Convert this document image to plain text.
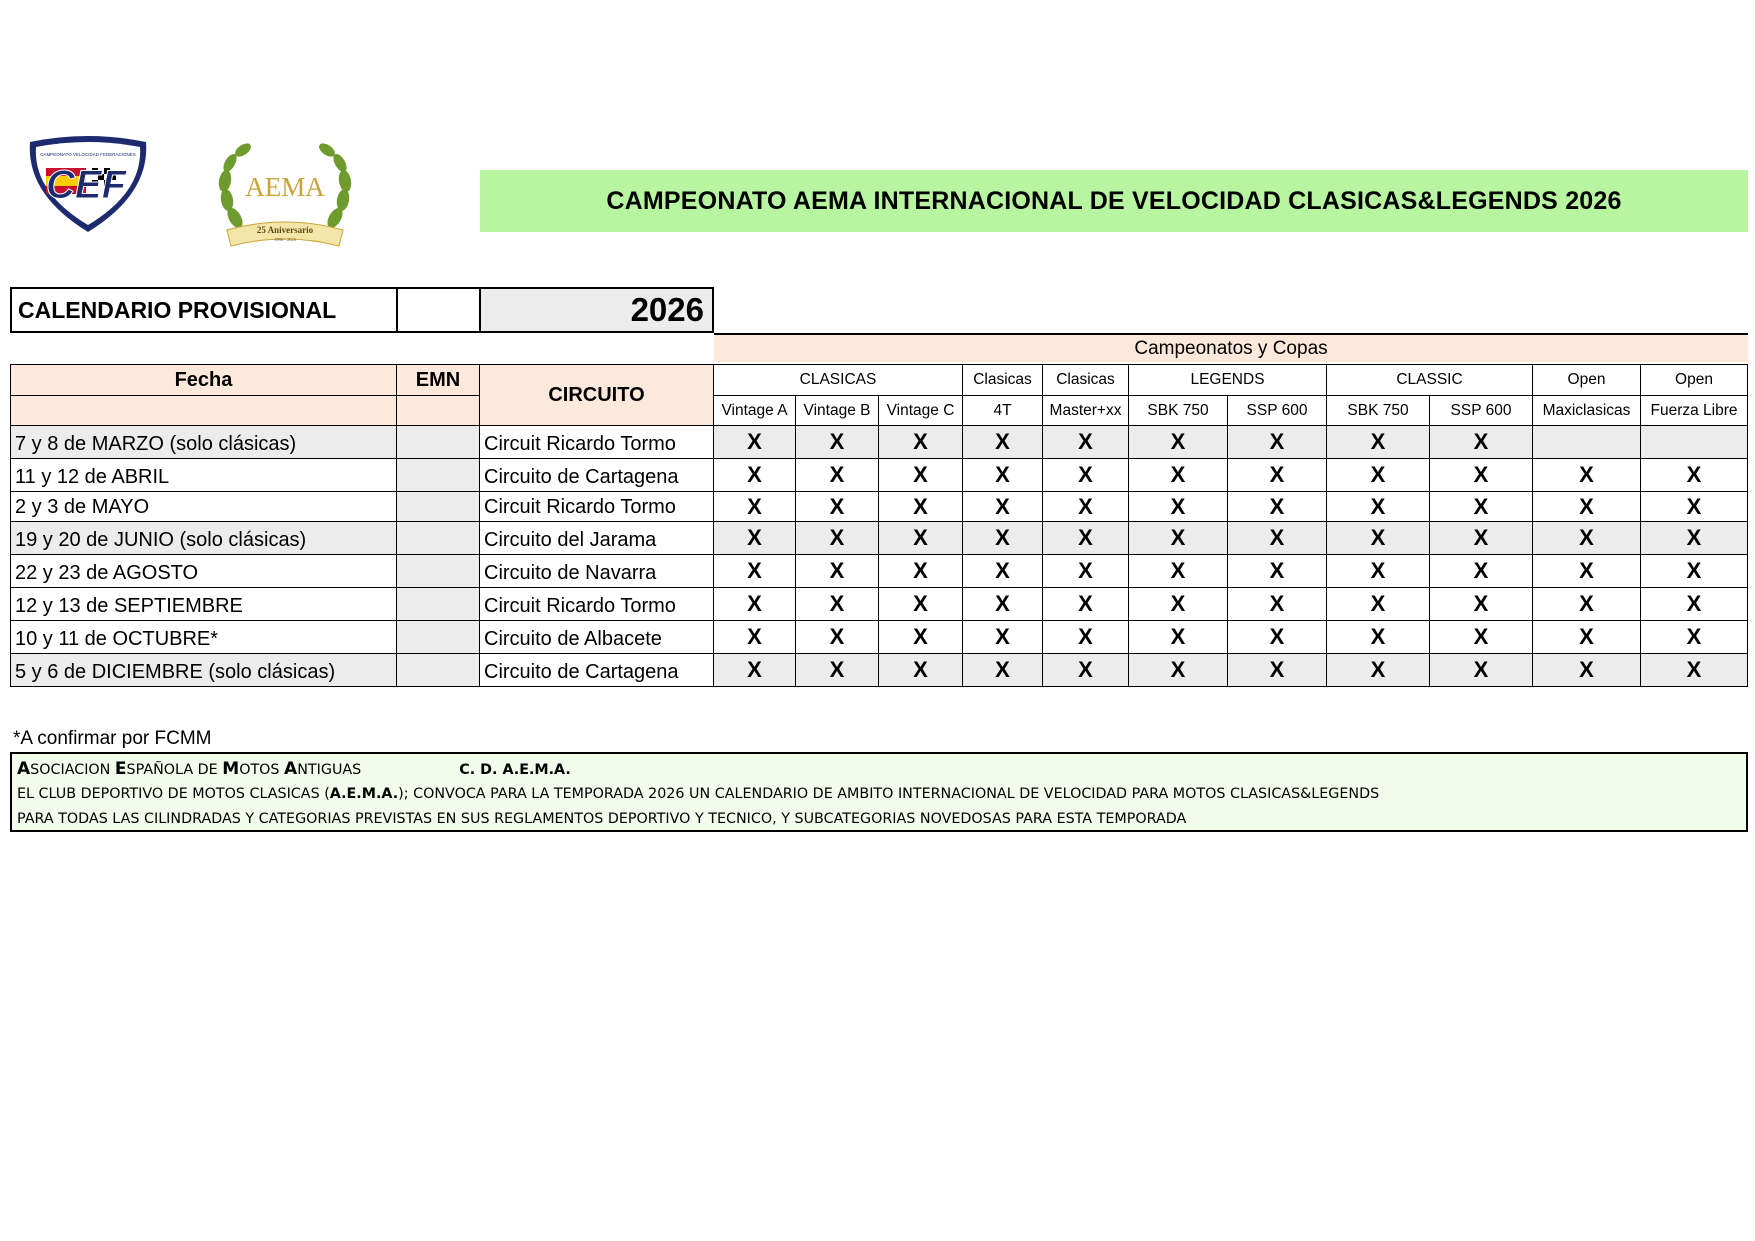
CAMPEONATO VELOCIDAD FEDERACIONES
CEF	AEMA
25 Aniversario
1998 - 2023
CAMPEONATO AEMA INTERNACIONAL DE VELOCIDAD CLASICAS&LEGENDS 2026
CALENDARIO PROVISIONAL	2026
Campeonatos y Copas
Fecha	EMN	CIRCUITO	CLASICAS			Clasicas	Clasicas	LEGENDS		CLASSIC		Open	Open
			Vintage A	Vintage B	Vintage C	4T	Master+xx	SBK 750	SSP 600	SBK 750	SSP 600	Maxiclasicas	Fuerza Libre
7 y 8 de MARZO (solo clásicas)		Circuit Ricardo Tormo	X	X	X	X	X	X	X	X	X		
11 y 12 de ABRIL		Circuito de Cartagena	X	X	X	X	X	X	X	X	X	X	X
2 y 3 de MAYO		Circuit Ricardo Tormo	X	X	X	X	X	X	X	X	X	X	X
19 y 20 de JUNIO (solo clásicas)		Circuito del Jarama	X	X	X	X	X	X	X	X	X	X	X
22 y 23 de AGOSTO		Circuito de Navarra	X	X	X	X	X	X	X	X	X	X	X
12 y 13 de SEPTIEMBRE		Circuit Ricardo Tormo	X	X	X	X	X	X	X	X	X	X	X
10 y 11 de OCTUBRE*		Circuito de Albacete	X	X	X	X	X	X	X	X	X	X	X
5 y 6 de DICIEMBRE (solo clásicas)		Circuito de Cartagena	X	X	X	X	X	X	X	X	X	X	X
*A confirmar por FCMM
ASOCIACION ESPAÑOLA DE MOTOS ANTIGUAS	C. D. A.E.M.A.
EL CLUB DEPORTIVO DE MOTOS CLASICAS (A.E.M.A.); CONVOCA PARA LA TEMPORADA 2026 UN CALENDARIO DE AMBITO INTERNACIONAL DE VELOCIDAD PARA MOTOS CLASICAS&LEGENDS
PARA TODAS LAS CILINDRADAS Y CATEGORIAS PREVISTAS EN SUS REGLAMENTOS DEPORTIVO Y TECNICO, Y SUBCATEGORIAS NOVEDOSAS PARA ESTA TEMPORADA
